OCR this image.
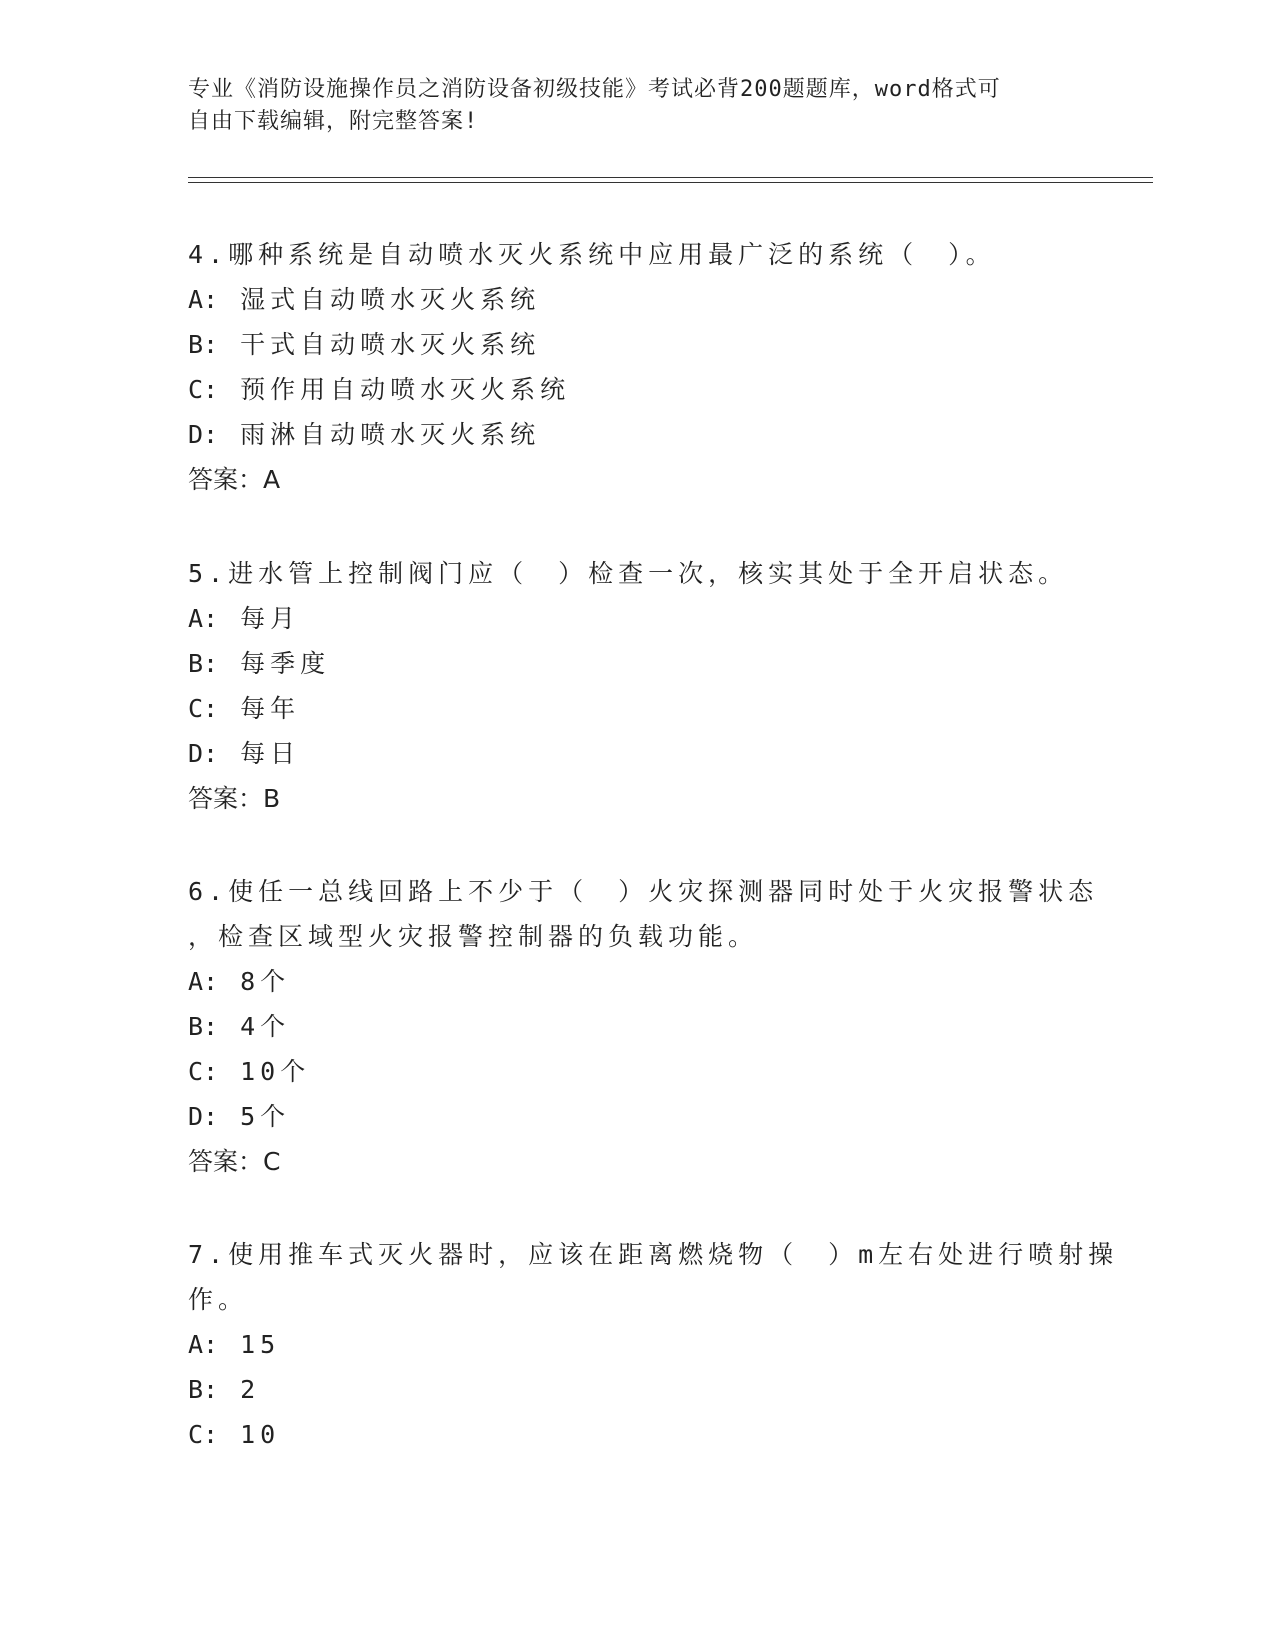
专业《消防设施操作员之消防设备初级技能》考试必背200题题库，word格式可
自由下载编辑，附完整答案!
4.哪种系统是自动喷水灭火系统中应用最广泛的系统（　）。
A: 湿式自动喷水灭火系统
B: 干式自动喷水灭火系统
C: 预作用自动喷水灭火系统
D: 雨淋自动喷水灭火系统
答案：A
5.进水管上控制阀门应（　）检查一次，核实其处于全开启状态。
A: 每月
B: 每季度
C: 每年
D: 每日
答案：B
6.使任一总线回路上不少于（　）火灾探测器同时处于火灾报警状态
，检查区域型火灾报警控制器的负载功能。
A: 8个
B: 4个
C: 10个
D: 5个
答案：C
7.使用推车式灭火器时，应该在距离燃烧物（　）m左右处进行喷射操
作。
A: 15
B: 2
C: 10
